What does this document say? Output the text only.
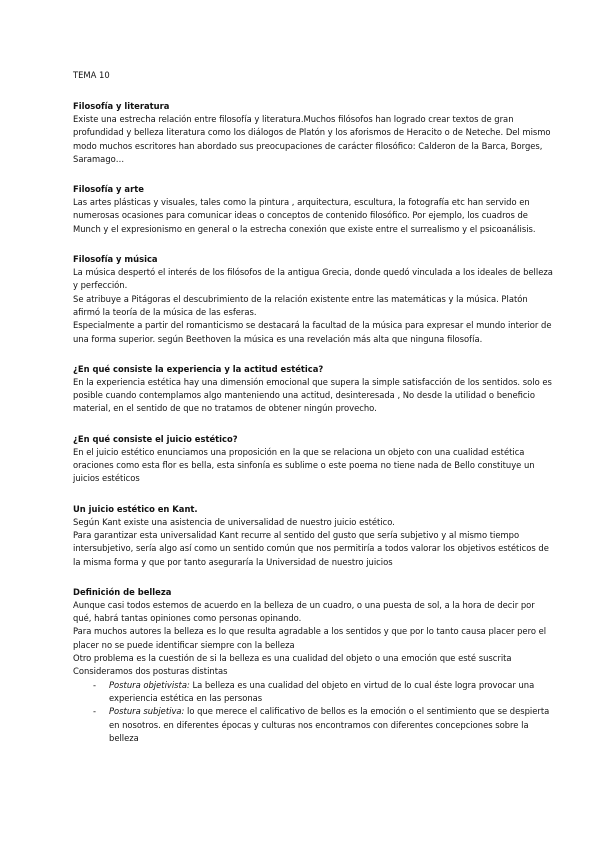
TEMA 10
Filosofía y literatura

Existe una estrecha relación entre filosofía y literatura.Muchos filósofos han logrado crear textos de gran profundidad y belleza literatura como los diálogos de Platón y los aforismos de Heracito o de Neteche. Del mismo modo muchos escritores han abordado sus preocupaciones de carácter filosófico: Calderon de la Barca, Borges, Saramago…

Filosofía y arte

Las artes plásticas y visuales, tales como la pintura , arquitectura, escultura, la fotografía etc han servido en numerosas ocasiones para comunicar ideas o conceptos de contenido filosófico. Por ejemplo, los cuadros de Munch y el expresionismo en general o la estrecha conexión que existe entre el surrealismo y el psicoanálisis.

Filosofía y música

La música despertó el interés de los filósofos de la antigua Grecia, donde quedó vinculada a los ideales de belleza y perfección.

Se atribuye a Pitágoras el descubrimiento de la relación existente entre las matemáticas y la música. Platón afirmó la teoría de la música de las esferas.

Especialmente a partir del romanticismo se destacará la facultad de la música para expresar el mundo interior de una forma superior. según Beethoven la música es una revelación más alta que ninguna filosofía.

¿En qué consiste la experiencia y la actitud estética?

En la experiencia estética hay una dimensión emocional que supera la simple satisfacción de los sentidos. solo es posible cuando contemplamos algo manteniendo una actitud, desinteresada , No desde la utilidad o beneficio material, en el sentido de que no tratamos de obtener ningún provecho.

¿En qué consiste el juicio estético?

En el juicio estético enunciamos una proposición en la que se relaciona un objeto con una cualidad estética oraciones como esta flor es bella, esta sinfonía es sublime o este poema no tiene nada de Bello constituye un juicios estéticos

Un juicio estético en Kant.

Según Kant existe una asistencia de universalidad de nuestro juicio estético.

Para garantizar esta universalidad Kant recurre al sentido del gusto que sería subjetivo y al mismo tiempo intersubjetivo, sería algo así como un sentido común que nos permitiría a todos valorar los objetivos estéticos de la misma forma y que por tanto aseguraría la Universidad de nuestro juicios

Definición de belleza

Aunque casi todos estemos de acuerdo en la belleza de un cuadro, o una puesta de sol, a la hora de decir por qué, habrá tantas opiniones como personas opinando.

Para muchos autores la belleza es lo que resulta agradable a los sentidos y que por lo tanto causa placer pero el placer no se puede identificar siempre con la belleza

Otro problema es la cuestión de si la belleza es una cualidad del objeto o una emoción que esté suscrita

Consideramos dos posturas distintas

- Postura objetivista: La belleza es una cualidad del objeto en virtud de lo cual éste logra provocar una experiencia estética en las personas
- Postura subjetiva: lo que merece el calificativo de bellos es la emoción o el sentimiento que se despierta en nosotros. en diferentes épocas y culturas nos encontramos con diferentes concepciones sobre la belleza
